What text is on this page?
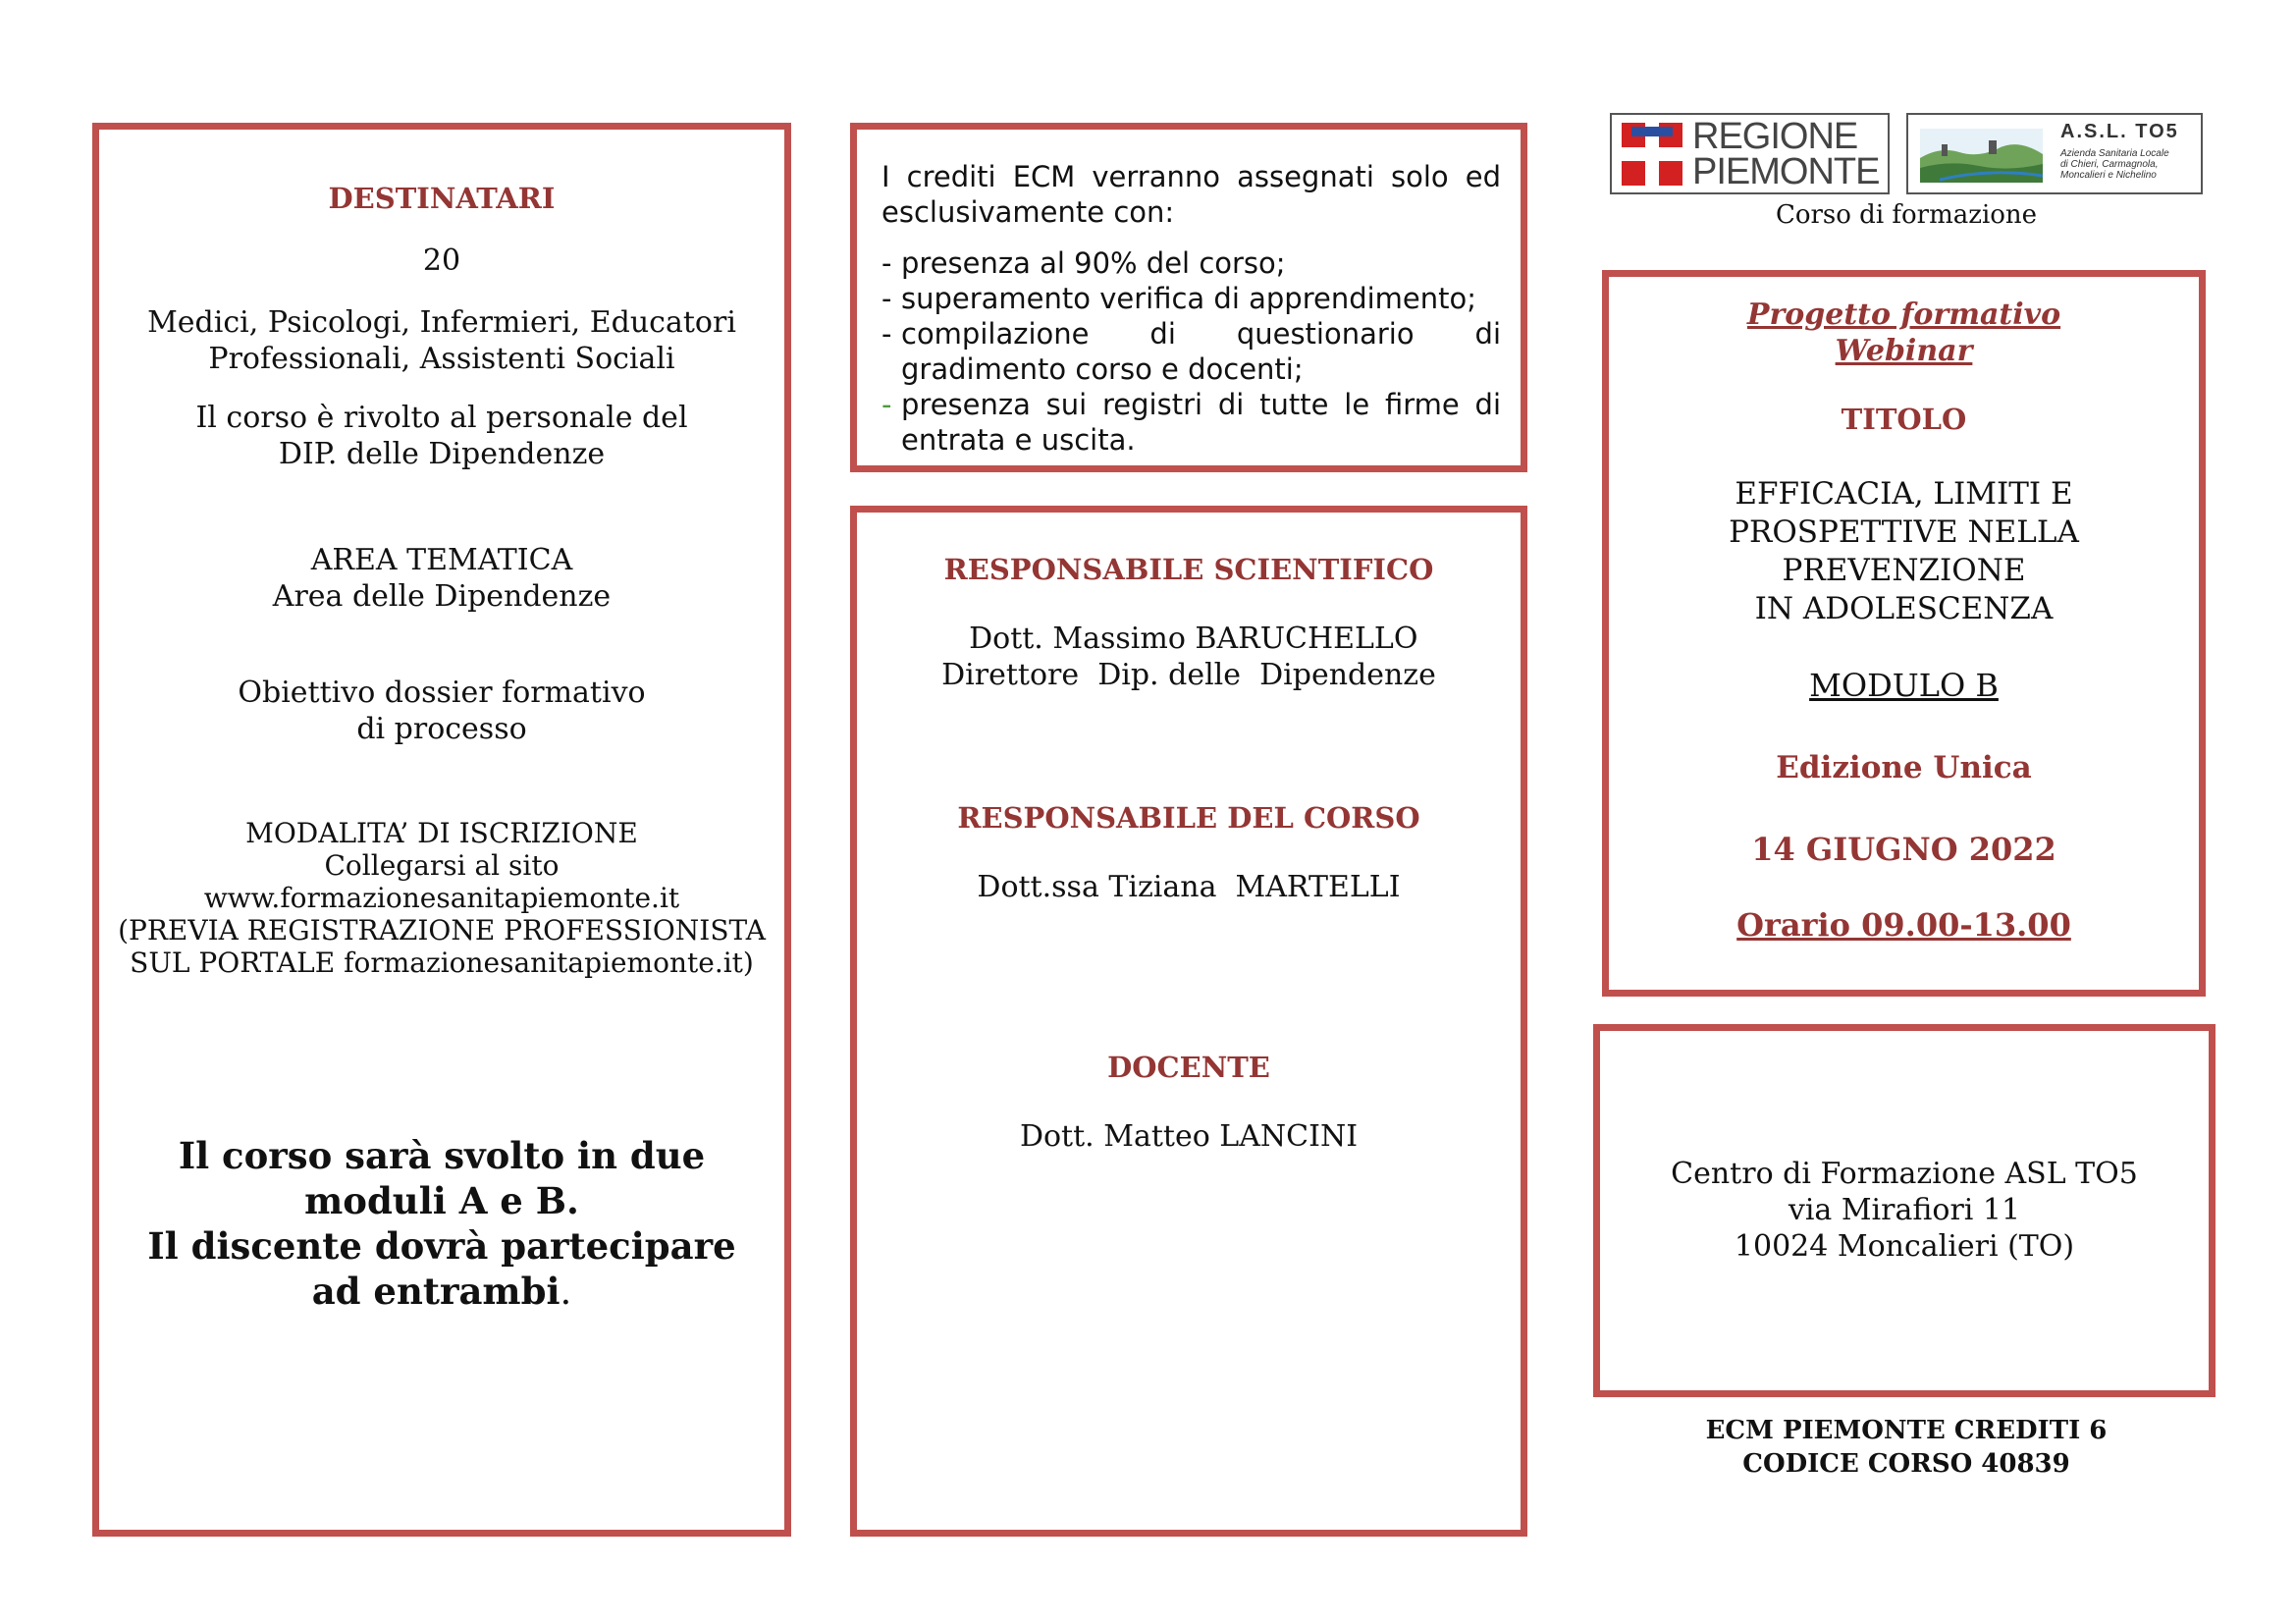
DESTINATARI

20

Medici, Psicologi, Infermieri, Educatori

Professionali, Assistenti Sociali

Il corso è rivolto al personale del

DIP. delle Dipendenze

AREA TEMATICA

Area delle Dipendenze

Obiettivo dossier formativo

di processo

MODALITA’ DI ISCRIZIONE

Collegarsi al sito

www.formazionesanitapiemonte.it

(PREVIA REGISTRAZIONE PROFESSIONISTA

SUL PORTALE formazionesanitapiemonte.it)

Il corso sarà svolto in due

moduli A e B.

Il discente dovrà partecipare

ad entrambi.

I crediti ECM verranno assegnati solo ed esclusivamente con:

- presenza al 90% del corso;
- superamento verifica di apprendimento;
- compilazione di questionario di gradimento corso e docenti;
- presenza sui registri di tutte le firme di entrata e uscita.

RESPONSABILE SCIENTIFICO

Dott. Massimo BARUCHELLO

Direttore  Dip. delle  Dipendenze

RESPONSABILE DEL CORSO

Dott.ssa Tiziana  MARTELLI

DOCENTE

Dott. Matteo LANCINI

REGIONE
PIEMONTE
A.S.L. TO5
Azienda Sanitaria Locale
di Chieri, Carmagnola,
Moncalieri e Nichelino
Corso di formazione

Progetto formativo

Webinar

TITOLO

EFFICACIA, LIMITI E

PROSPETTIVE NELLA

PREVENZIONE

IN ADOLESCENZA

MODULO B

Edizione Unica

14 GIUGNO 2022

Orario 09.00-13.00

Centro di Formazione ASL TO5

via Mirafiori 11

10024 Moncalieri (TO)

ECM PIEMONTE CREDITI 6

CODICE CORSO 40839
